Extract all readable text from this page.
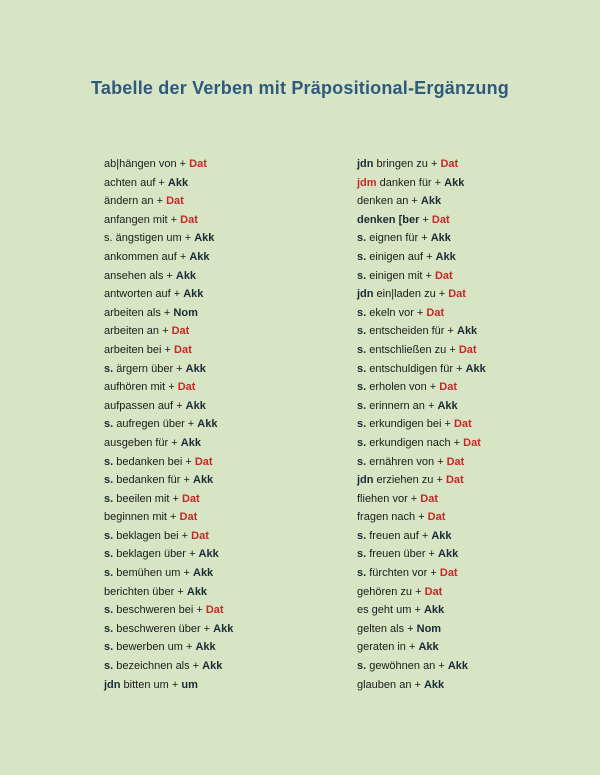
Tabelle der Verben mit Präpositional-Ergänzung
ab|hängen von + Dat
achten auf + Akk
ändern an + Dat
anfangen mit + Dat
s. ängstigen um + Akk
ankommen auf + Akk
ansehen als + Akk
antworten auf + Akk
arbeiten als + Nom
arbeiten an + Dat
arbeiten bei + Dat
s. ärgern über + Akk
aufhören mit + Dat
aufpassen auf + Akk
s. aufregen über + Akk
ausgeben für + Akk
s. bedanken bei + Dat
s. bedanken für + Akk
s. beeilen mit + Dat
beginnen mit + Dat
s. beklagen bei + Dat
s. beklagen über + Akk
s. bemühen um + Akk
berichten über + Akk
s. beschweren bei + Dat
s. beschweren über + Akk
s. bewerben um + Akk
s. bezeichnen als + Akk
jdn bitten um + um
jdn bringen zu + Dat
jdm danken für + Akk
denken an + Akk
denken [ber + Dat
s. eignen für + Akk
s. einigen auf + Akk
s. einigen mit + Dat
jdn ein|laden zu + Dat
s. ekeln vor + Dat
s. entscheiden für + Akk
s. entschließen zu + Dat
s. entschuldigen für + Akk
s. erholen von + Dat
s. erinnern an + Akk
s. erkundigen bei + Dat
s. erkundigen nach + Dat
s. ernähren von + Dat
jdn erziehen zu + Dat
fliehen vor + Dat
fragen nach + Dat
s. freuen auf + Akk
s. freuen über + Akk
s. fürchten vor + Dat
gehören zu + Dat
es geht um + Akk
gelten als + Nom
geraten in + Akk
s. gewöhnen an + Akk
glauben an + Akk
